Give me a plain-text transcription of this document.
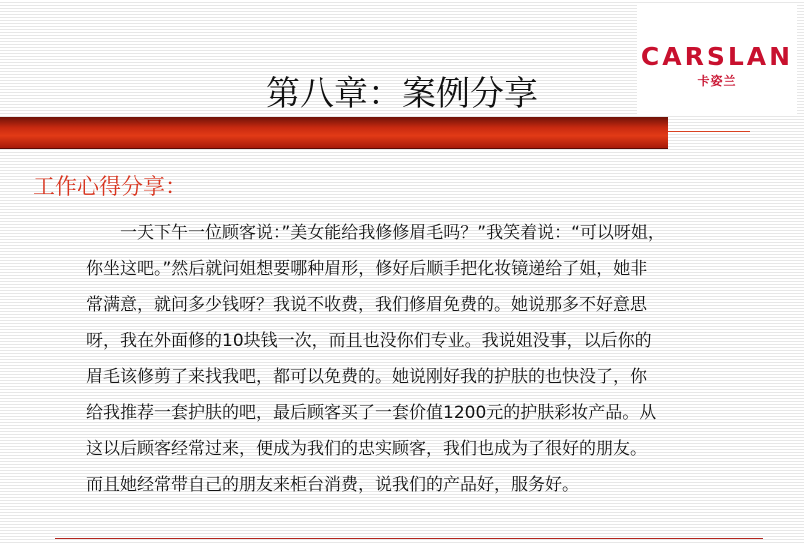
CARSLAN
卡姿兰
第八章：案例分享
工作心得分享：
一天下午一位顾客说：”美女能给我修修眉毛吗？”我笑着说：“可以呀姐，
你坐这吧。”然后就问姐想要哪种眉形，修好后顺手把化妆镜递给了姐，她非
常满意，就问多少钱呀？我说不收费，我们修眉免费的。她说那多不好意思
呀，我在外面修的10块钱一次，而且也没你们专业。我说姐没事，以后你的
眉毛该修剪了来找我吧，都可以免费的。她说刚好我的护肤的也快没了，你
给我推荐一套护肤的吧，最后顾客买了一套价值1200元的护肤彩妆产品。从
这以后顾客经常过来，便成为我们的忠实顾客，我们也成为了很好的朋友。
而且她经常带自己的朋友来柜台消费，说我们的产品好，服务好。
